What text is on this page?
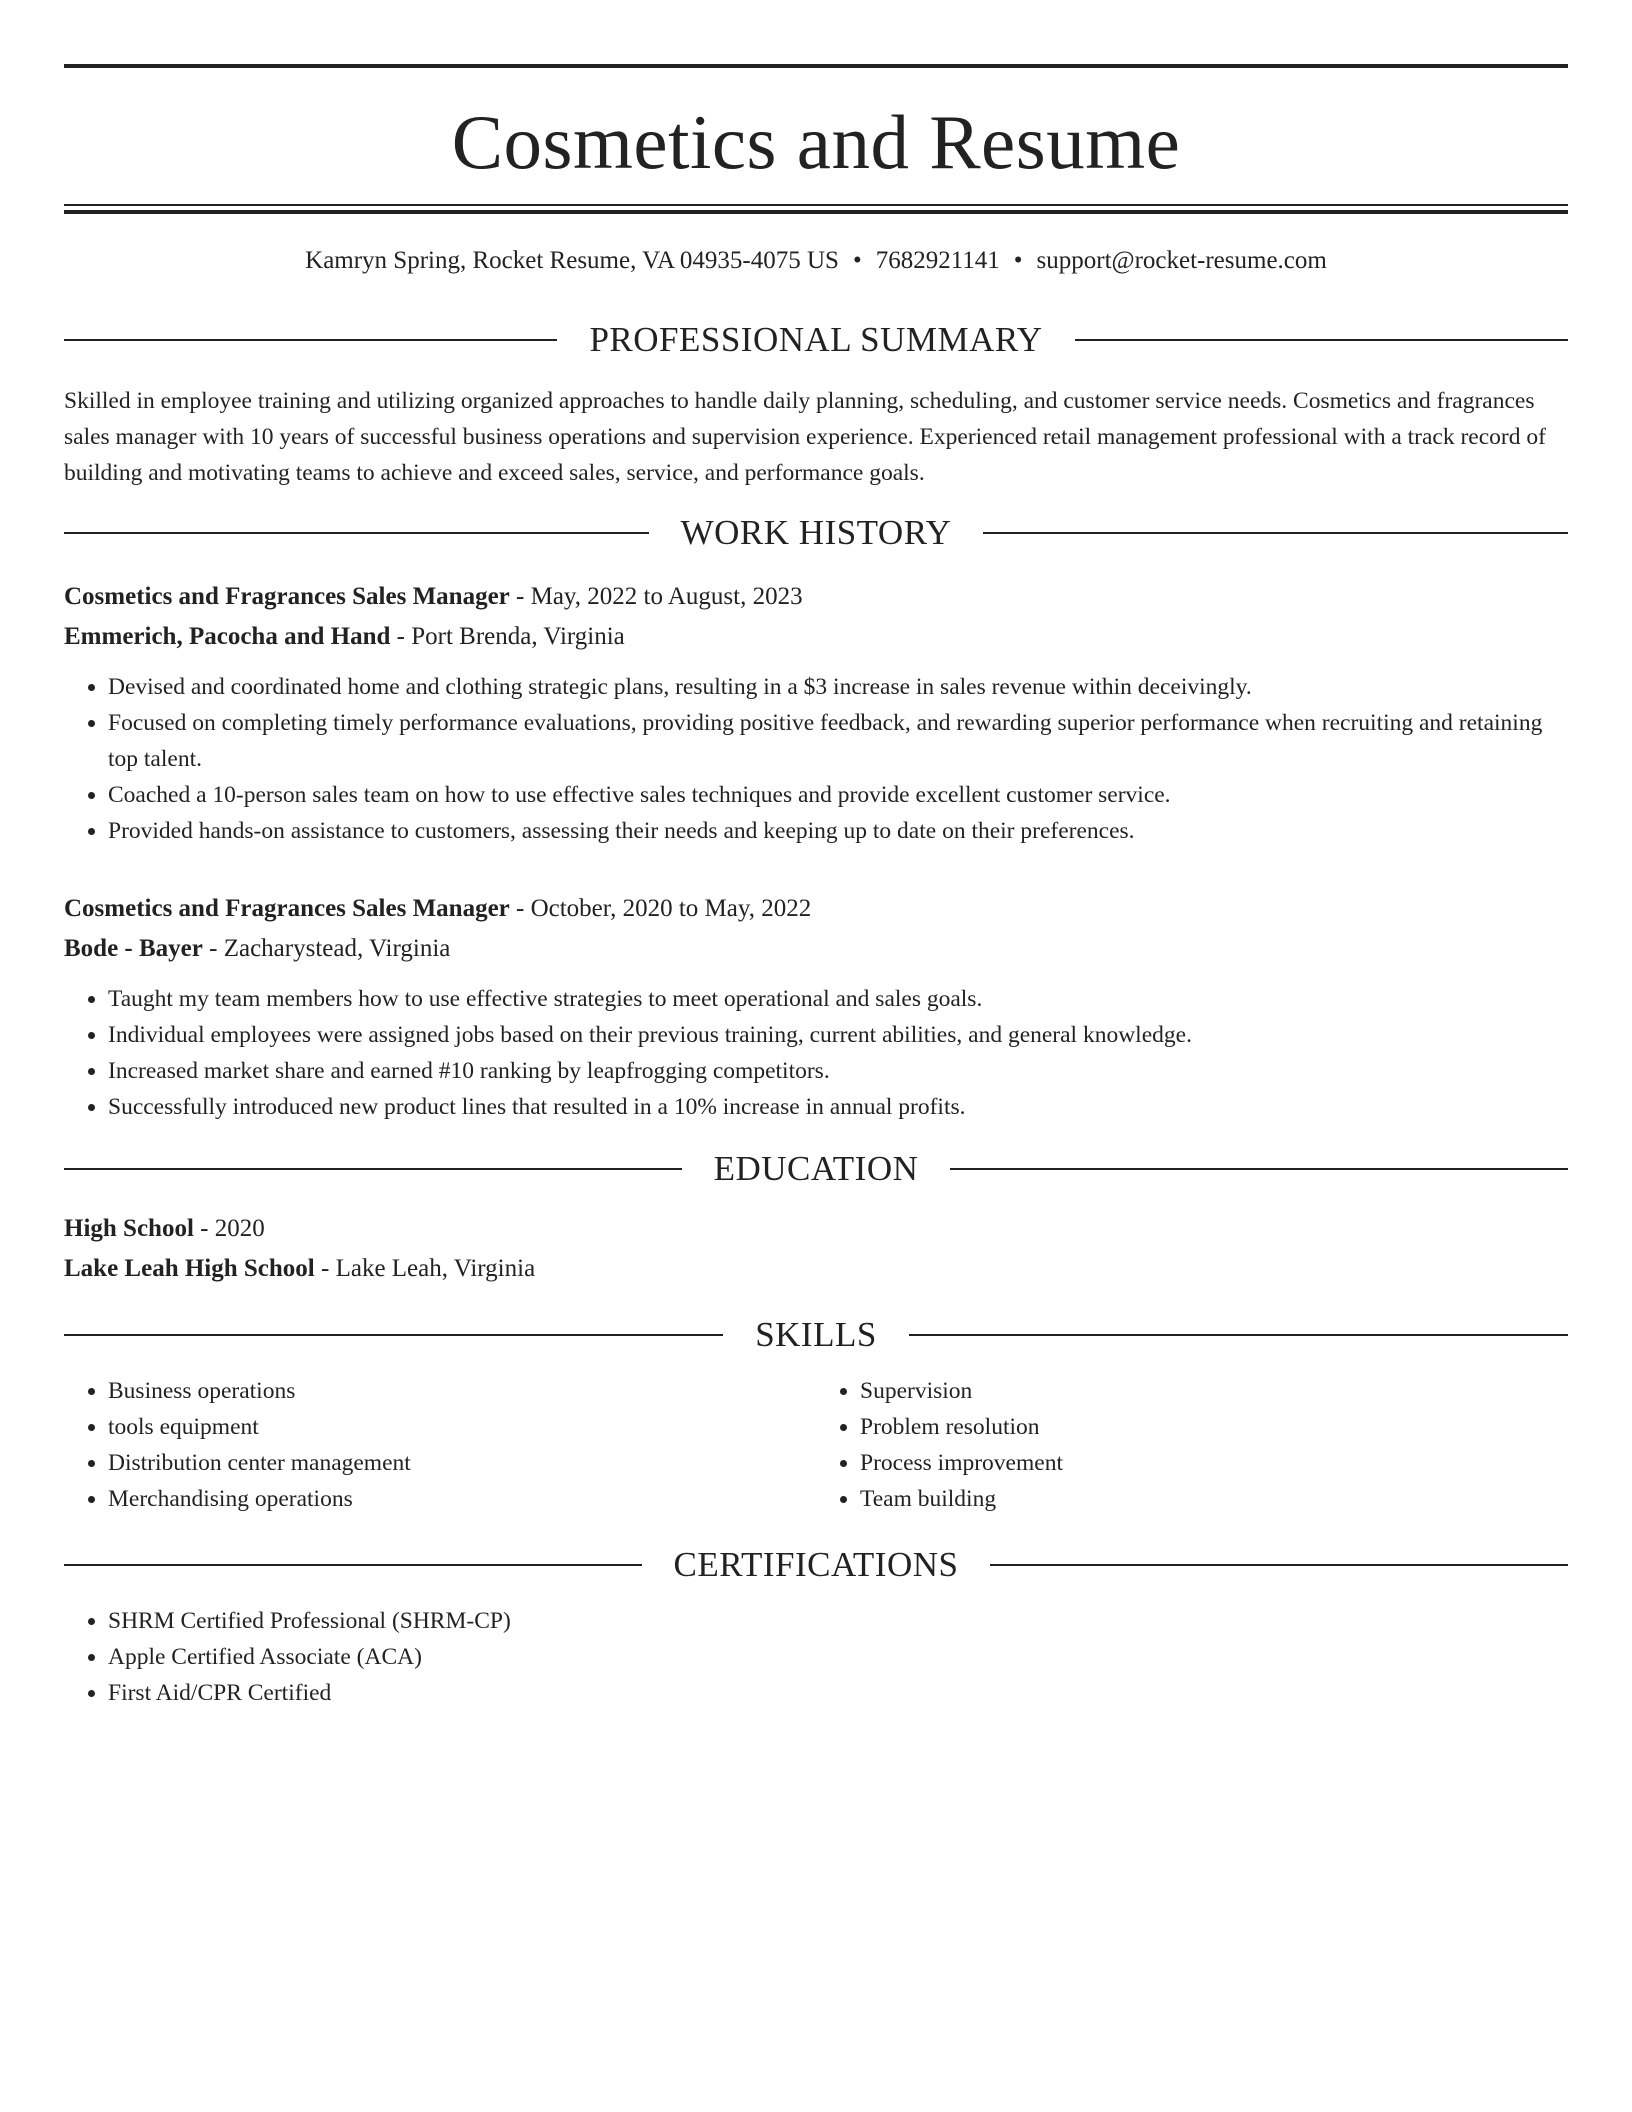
Cosmetics and Resume
Kamryn Spring, Rocket Resume, VA 04935-4075 US • 7682921141 • support@rocket-resume.com
PROFESSIONAL SUMMARY
Skilled in employee training and utilizing organized approaches to handle daily planning, scheduling, and customer service needs. Cosmetics and fragrances sales manager with 10 years of successful business operations and supervision experience. Experienced retail management professional with a track record of building and motivating teams to achieve and exceed sales, service, and performance goals.
WORK HISTORY
Cosmetics and Fragrances Sales Manager - May, 2022 to August, 2023
Emmerich, Pacocha and Hand - Port Brenda, Virginia
• Devised and coordinated home and clothing strategic plans, resulting in a $3 increase in sales revenue within deceivingly.
• Focused on completing timely performance evaluations, providing positive feedback, and rewarding superior performance when recruiting and retaining top talent.
• Coached a 10-person sales team on how to use effective sales techniques and provide excellent customer service.
• Provided hands-on assistance to customers, assessing their needs and keeping up to date on their preferences.
Cosmetics and Fragrances Sales Manager - October, 2020 to May, 2022
Bode - Bayer - Zacharystead, Virginia
• Taught my team members how to use effective strategies to meet operational and sales goals.
• Individual employees were assigned jobs based on their previous training, current abilities, and general knowledge.
• Increased market share and earned #10 ranking by leapfrogging competitors.
• Successfully introduced new product lines that resulted in a 10% increase in annual profits.
EDUCATION
High School - 2020
Lake Leah High School - Lake Leah, Virginia
SKILLS
• Business operations
• tools equipment
• Distribution center management
• Merchandising operations
• Supervision
• Problem resolution
• Process improvement
• Team building
CERTIFICATIONS
• SHRM Certified Professional (SHRM-CP)
• Apple Certified Associate (ACA)
• First Aid/CPR Certified
